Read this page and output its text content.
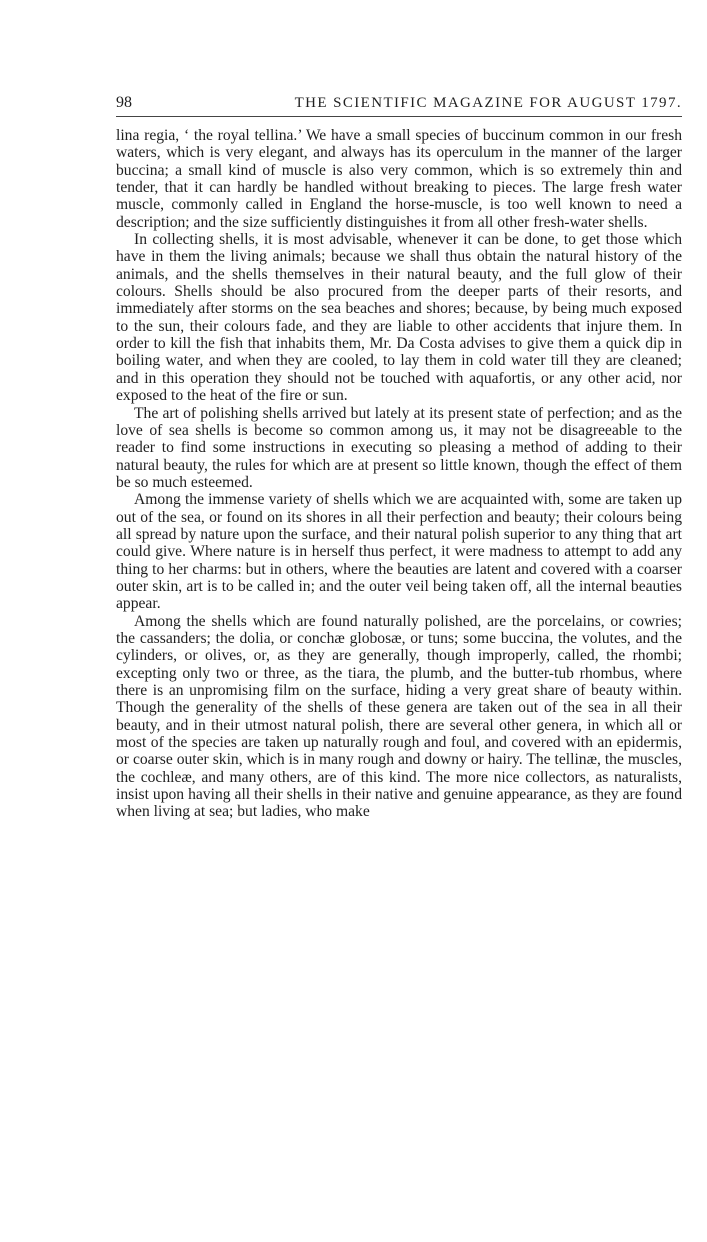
98	THE SCIENTIFIC MAGAZINE FOR AUGUST 1797.

lina regia, ‘ the royal tellina.’ We have a small species of buccinum common in our fresh waters, which is very elegant, and always has its operculum in the manner of the larger buccina; a small kind of muscle is also very common, which is so extremely thin and tender, that it can hardly be handled without breaking to pieces. The large fresh water muscle, commonly called in England the horse-muscle, is too well known to need a description; and the size sufficiently distinguishes it from all other fresh-water shells.

In collecting shells, it is most advisable, whenever it can be done, to get those which have in them the living animals; because we shall thus obtain the natural history of the animals, and the shells themselves in their natural beauty, and the full glow of their colours. Shells should be also procured from the deeper parts of their resorts, and immediately after storms on the sea beaches and shores; because, by being much exposed to the sun, their colours fade, and they are liable to other accidents that injure them. In order to kill the fish that inhabits them, Mr. Da Costa advises to give them a quick dip in boiling water, and when they are cooled, to lay them in cold water till they are cleaned; and in this operation they should not be touched with aquafortis, or any other acid, nor exposed to the heat of the fire or sun.

The art of polishing shells arrived but lately at its present state of perfection; and as the love of sea shells is become so common among us, it may not be disagreeable to the reader to find some instructions in executing so pleasing a method of adding to their natural beauty, the rules for which are at present so little known, though the effect of them be so much esteemed.

Among the immense variety of shells which we are acquainted with, some are taken up out of the sea, or found on its shores in all their perfection and beauty; their colours being all spread by nature upon the surface, and their natural polish superior to any thing that art could give. Where nature is in herself thus perfect, it were madness to attempt to add any thing to her charms: but in others, where the beauties are latent and covered with a coarser outer skin, art is to be called in; and the outer veil being taken off, all the internal beauties appear.

Among the shells which are found naturally polished, are the porcelains, or cowries; the cassanders; the dolia, or conchæ globosæ, or tuns; some buccina, the volutes, and the cylinders, or olives, or, as they are generally, though improperly, called, the rhombi; excepting only two or three, as the tiara, the plumb, and the butter-tub rhombus, where there is an unpromising film on the surface, hiding a very great share of beauty within. Though the generality of the shells of these genera are taken out of the sea in all their beauty, and in their utmost natural polish, there are several other genera, in which all or most of the species are taken up naturally rough and foul, and covered with an epidermis, or coarse outer skin, which is in many rough and downy or hairy. The tellinæ, the muscles, the cochleæ, and many others, are of this kind. The more nice collectors, as naturalists, insist upon having all their shells in their native and genuine appearance, as they are found when living at sea; but ladies, who make
